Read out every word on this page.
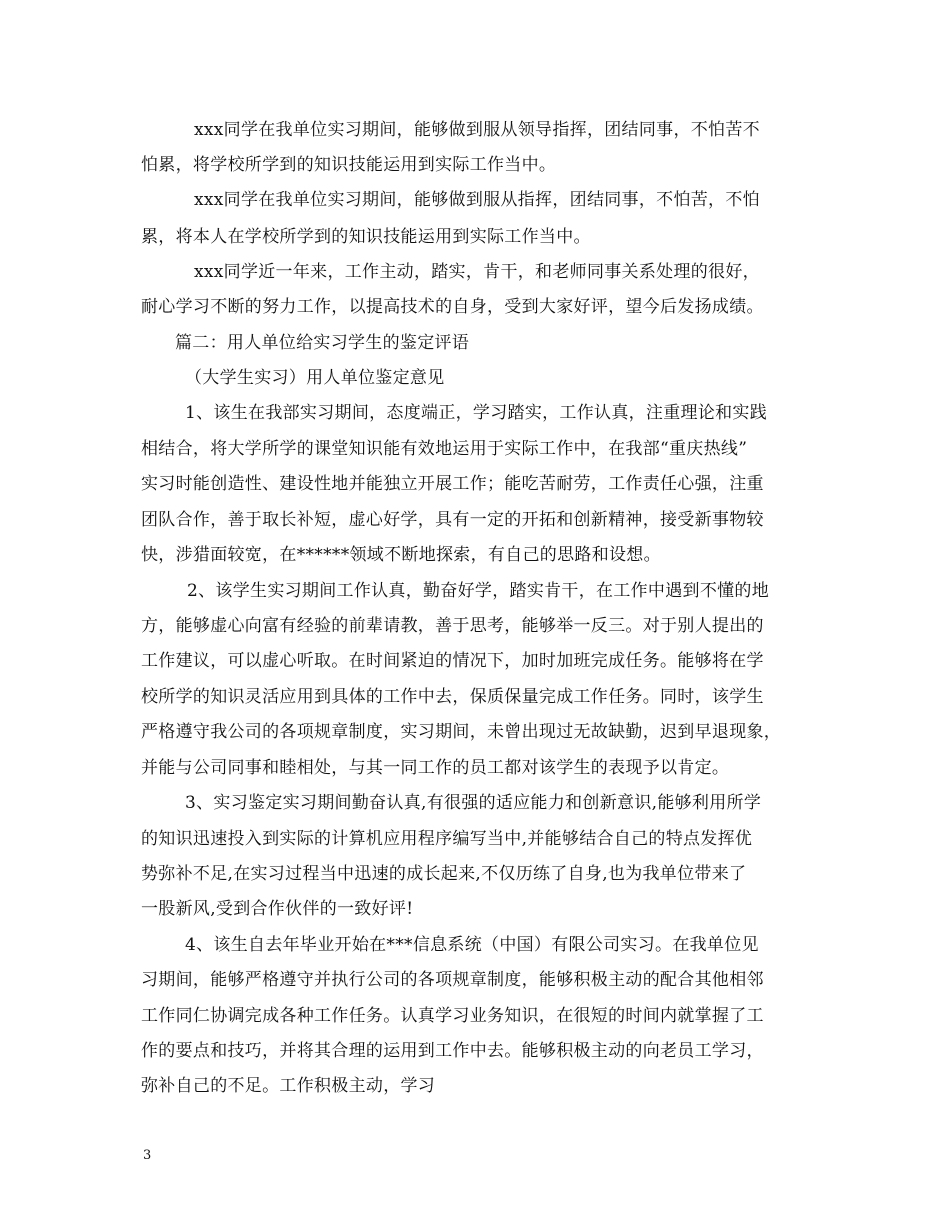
xxx同学在我单位实习期间，能够做到服从领导指挥，团结同事，不怕苦不
怕累，将学校所学到的知识技能运用到实际工作当中。
xxx同学在我单位实习期间，能够做到服从指挥，团结同事，不怕苦，不怕
累，将本人在学校所学到的知识技能运用到实际工作当中。
xxx同学近一年来，工作主动，踏实，肯干，和老师同事关系处理的很好，
耐心学习不断的努力工作，以提高技术的自身，受到大家好评，望今后发扬成绩。
篇二：用人单位给实习学生的鉴定评语
（大学生实习）用人单位鉴定意见
1、该生在我部实习期间，态度端正，学习踏实，工作认真，注重理论和实践
相结合，将大学所学的课堂知识能有效地运用于实际工作中，在我部“重庆热线”
实习时能创造性、建设性地并能独立开展工作；能吃苦耐劳，工作责任心强，注重
团队合作，善于取长补短，虚心好学，具有一定的开拓和创新精神，接受新事物较
快，涉猎面较宽，在******领域不断地探索，有自己的思路和设想。
2、该学生实习期间工作认真，勤奋好学，踏实肯干，在工作中遇到不懂的地
方，能够虚心向富有经验的前辈请教，善于思考，能够举一反三。对于别人提出的
工作建议，可以虚心听取。在时间紧迫的情况下，加时加班完成任务。能够将在学
校所学的知识灵活应用到具体的工作中去，保质保量完成工作任务。同时，该学生
严格遵守我公司的各项规章制度，实习期间，未曾出现过无故缺勤，迟到早退现象，
并能与公司同事和睦相处，与其一同工作的员工都对该学生的表现予以肯定。
3、实习鉴定实习期间勤奋认真,有很强的适应能力和创新意识,能够利用所学
的知识迅速投入到实际的计算机应用程序编写当中,并能够结合自己的特点发挥优
势弥补不足,在实习过程当中迅速的成长起来,不仅历练了自身,也为我单位带来了
一股新风,受到合作伙伴的一致好评!
4、该生自去年毕业开始在***信息系统（中国）有限公司实习。在我单位见
习期间，能够严格遵守并执行公司的各项规章制度，能够积极主动的配合其他相邻
工作同仁协调完成各种工作任务。认真学习业务知识，在很短的时间内就掌握了工
作的要点和技巧，并将其合理的运用到工作中去。能够积极主动的向老员工学习，
弥补自己的不足。工作积极主动，学习
3
